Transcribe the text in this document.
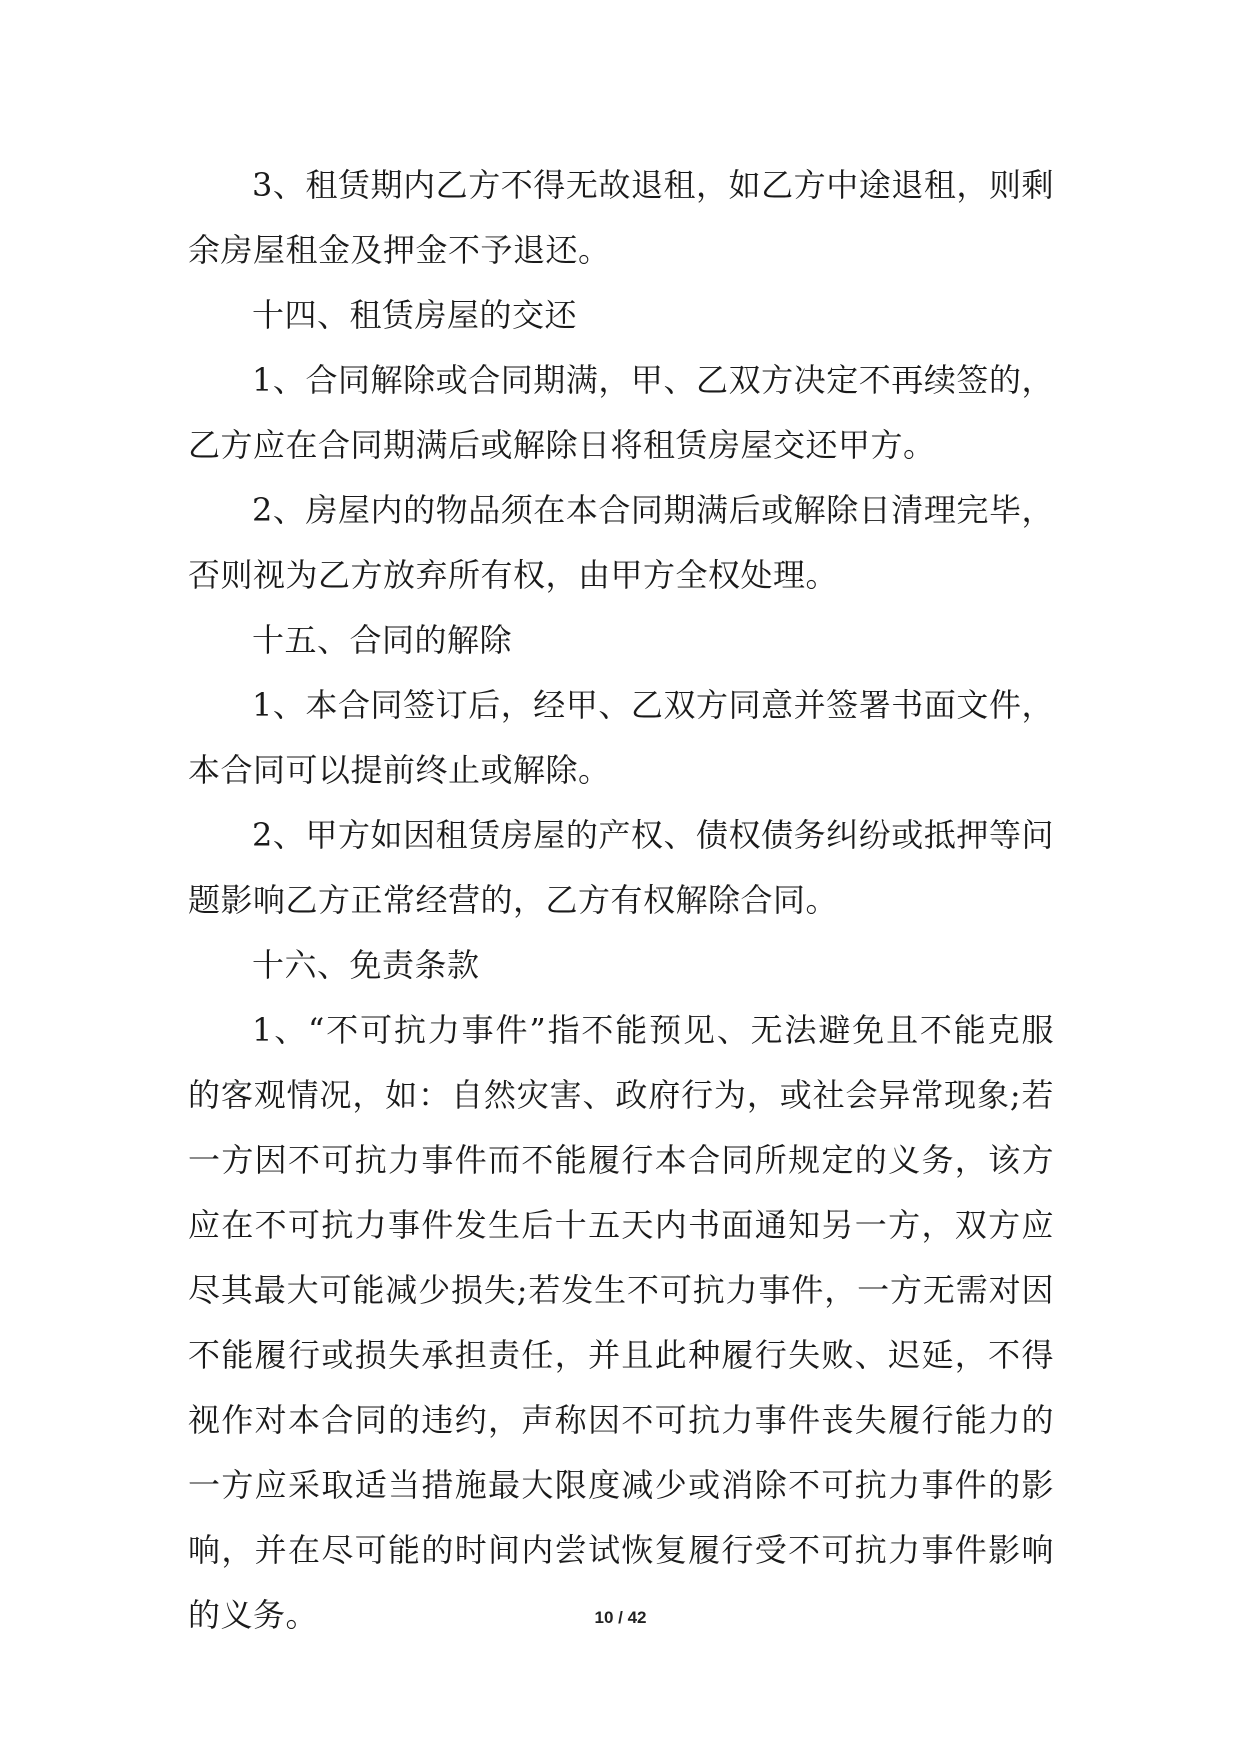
3、租赁期内乙方不得无故退租，如乙方中途退租，则剩余房屋租金及押金不予退还。

十四、租赁房屋的交还

1、合同解除或合同期满，甲、乙双方决定不再续签的，乙方应在合同期满后或解除日将租赁房屋交还甲方。

2、房屋内的物品须在本合同期满后或解除日清理完毕，否则视为乙方放弃所有权，由甲方全权处理。

十五、合同的解除

1、本合同签订后，经甲、乙双方同意并签署书面文件，本合同可以提前终止或解除。

2、甲方如因租赁房屋的产权、债权债务纠纷或抵押等问题影响乙方正常经营的，乙方有权解除合同。

十六、免责条款

1、“不可抗力事件”指不能预见、无法避免且不能克服的客观情况，如：自然灾害、政府行为，或社会异常现象;若一方因不可抗力事件而不能履行本合同所规定的义务，该方应在不可抗力事件发生后十五天内书面通知另一方，双方应尽其最大可能减少损失;若发生不可抗力事件，一方无需对因不能履行或损失承担责任，并且此种履行失败、迟延，不得视作对本合同的违约，声称因不可抗力事件丧失履行能力的一方应采取适当措施最大限度减少或消除不可抗力事件的影响，并在尽可能的时间内尝试恢复履行受不可抗力事件影响的义务。	10 / 42
